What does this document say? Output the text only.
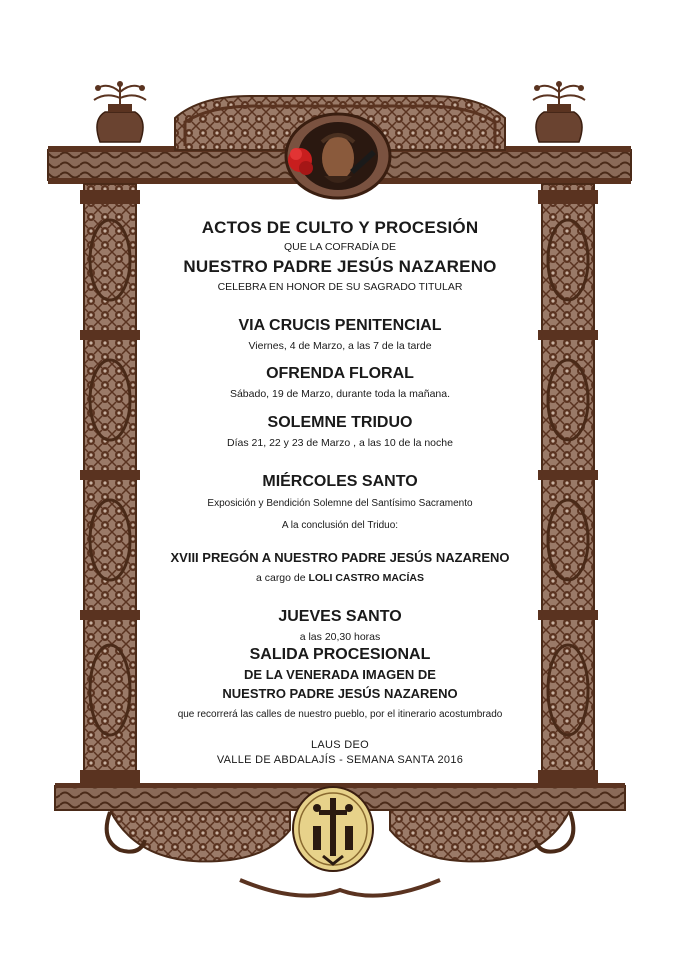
ACTOS DE CULTO Y PROCESIÓN
QUE LA COFRADÍA DE
NUESTRO PADRE JESÚS NAZARENO
CELEBRA EN HONOR DE SU SAGRADO TITULAR
VIA CRUCIS PENITENCIAL
Viernes, 4 de Marzo, a las 7 de la tarde
OFRENDA FLORAL
Sábado, 19 de Marzo, durante toda la mañana.
SOLEMNE TRIDUO
Días 21, 22 y 23 de Marzo , a las 10 de la noche
MIÉRCOLES SANTO
Exposición y Bendición Solemne del Santísimo Sacramento
A la conclusión del Triduo:
XVIII PREGÓN A NUESTRO PADRE JESÚS NAZARENO
a cargo de LOLI CASTRO MACÍAS
JUEVES SANTO
a las 20,30 horas
SALIDA PROCESIONAL
DE LA VENERADA IMAGEN DE
NUESTRO PADRE JESÚS NAZARENO
que recorrerá las calles de nuestro pueblo, por el itinerario acostumbrado
LAUS DEO
VALLE DE ABDALAJÍS - SEMANA SANTA 2016
